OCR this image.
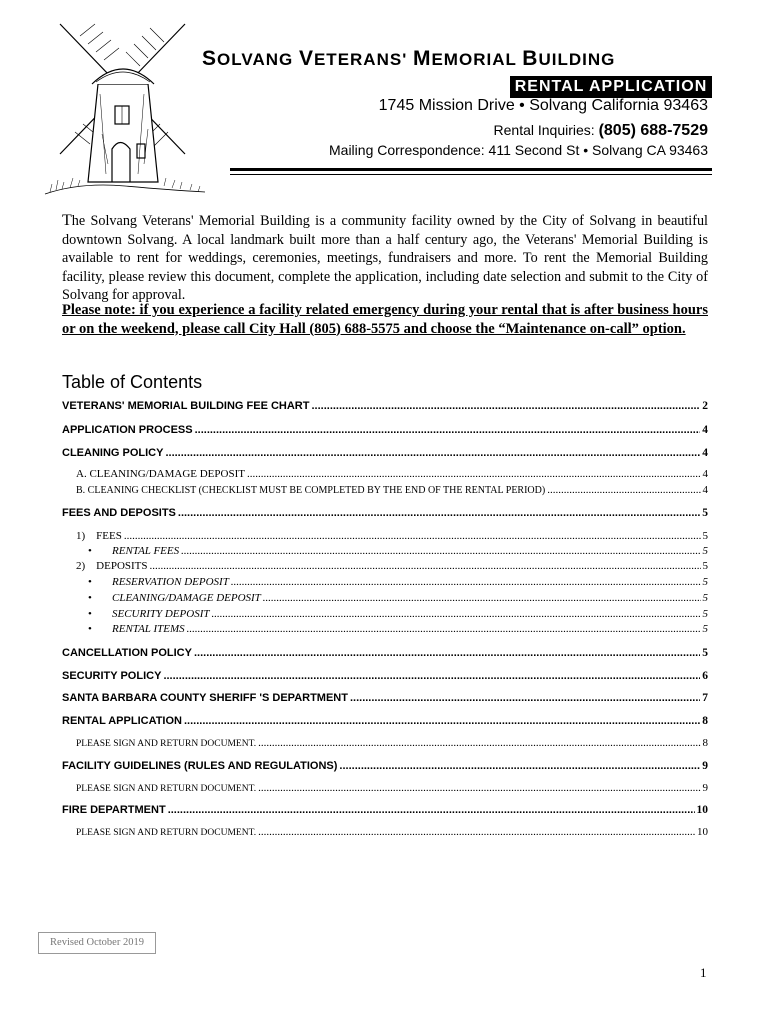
SOLVANG VETERANS' MEMORIAL BUILDING
RENTAL APPLICATION
1745 Mission Drive • Solvang California 93463
Rental Inquiries: (805) 688-7529
Mailing Correspondence: 411 Second St • Solvang CA 93463
The Solvang Veterans' Memorial Building is a community facility owned by the City of Solvang in beautiful downtown Solvang. A local landmark built more than a half century ago, the Veterans' Memorial Building is available to rent for weddings, ceremonies, meetings, fundraisers and more. To rent the Memorial Building facility, please review this document, complete the application, including date selection and submit to the City of Solvang for approval.
Please note: if you experience a facility related emergency during your rental that is after business hours or on the weekend, please call City Hall (805) 688-5575 and choose the “Maintenance on-call” option.
Table of Contents
VETERANS' MEMORIAL BUILDING FEE CHART .....	2
APPLICATION PROCESS .....	4
CLEANING POLICY .....	4
A. CLEANING/DAMAGE DEPOSIT .....	4
B. CLEANING CHECKLIST (CHECKLIST MUST BE COMPLETED BY THE END OF THE RENTAL PERIOD) .....	4
FEES AND DEPOSITS .....	5
1)    FEES .....	5
•	RENTAL FEES .....	5
2)    DEPOSITS .....	5
•	RESERVATION DEPOSIT .....	5
•	CLEANING/DAMAGE DEPOSIT .....	5
•	SECURITY DEPOSIT .....	5
•	RENTAL ITEMS .....	5
CANCELLATION POLICY .....	5
SECURITY POLICY .....	6
SANTA BARBARA COUNTY SHERIFF 'S DEPARTMENT .....	7
RENTAL APPLICATION .....	8
PLEASE SIGN AND RETURN DOCUMENT. .....	8
FACILITY GUIDELINES (RULES AND REGULATIONS) .....	9
PLEASE SIGN AND RETURN DOCUMENT. .....	9
FIRE DEPARTMENT .....	10
PLEASE SIGN AND RETURN DOCUMENT. .....	10
Revised October 2019
1
